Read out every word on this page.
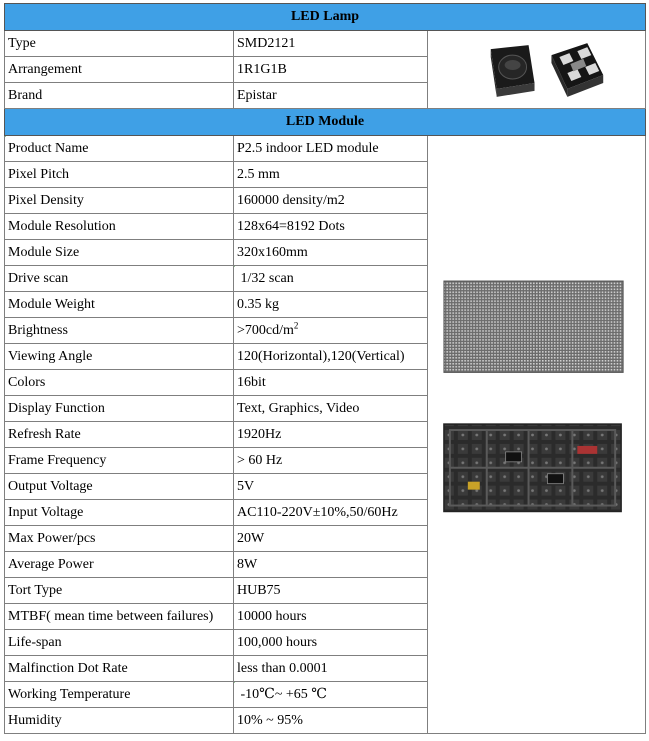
LED Lamp		
Type	SMD2121	

Arrangement	1R1G1B	
Brand	Epistar	
LED Module		
Product Name	P2.5 indoor LED module	

Pixel Pitch	2.5 mm	
Pixel Density	160000 density/m2	
Module Resolution	128x64=8192 Dots	
Module Size	320x160mm	
Drive scan	1/32 scan	
Module Weight	0.35 kg	
Brightness	$>700cd/m^2$
Viewing Angle	120(Horizontal),120(Vertical)	
Colors	16bit	
Display Function	Text, Graphics, Video	
Refresh Rate	1920Hz	
Frame Frequency	> 60 Hz	
Output Voltage	5V	
Input Voltage	AC110-220V±10%,50/60Hz	
Max Power/pcs	20W	
Average Power	8W	
Tort Type	HUB75	
MTBF( mean time between failures)	10000 hours	
Life-span	100,000 hours	
Malfinction Dot Rate	less than 0.0001	
Working Temperature	-10℃~ +65 ℃	
Humidity	10% ~ 95%	
